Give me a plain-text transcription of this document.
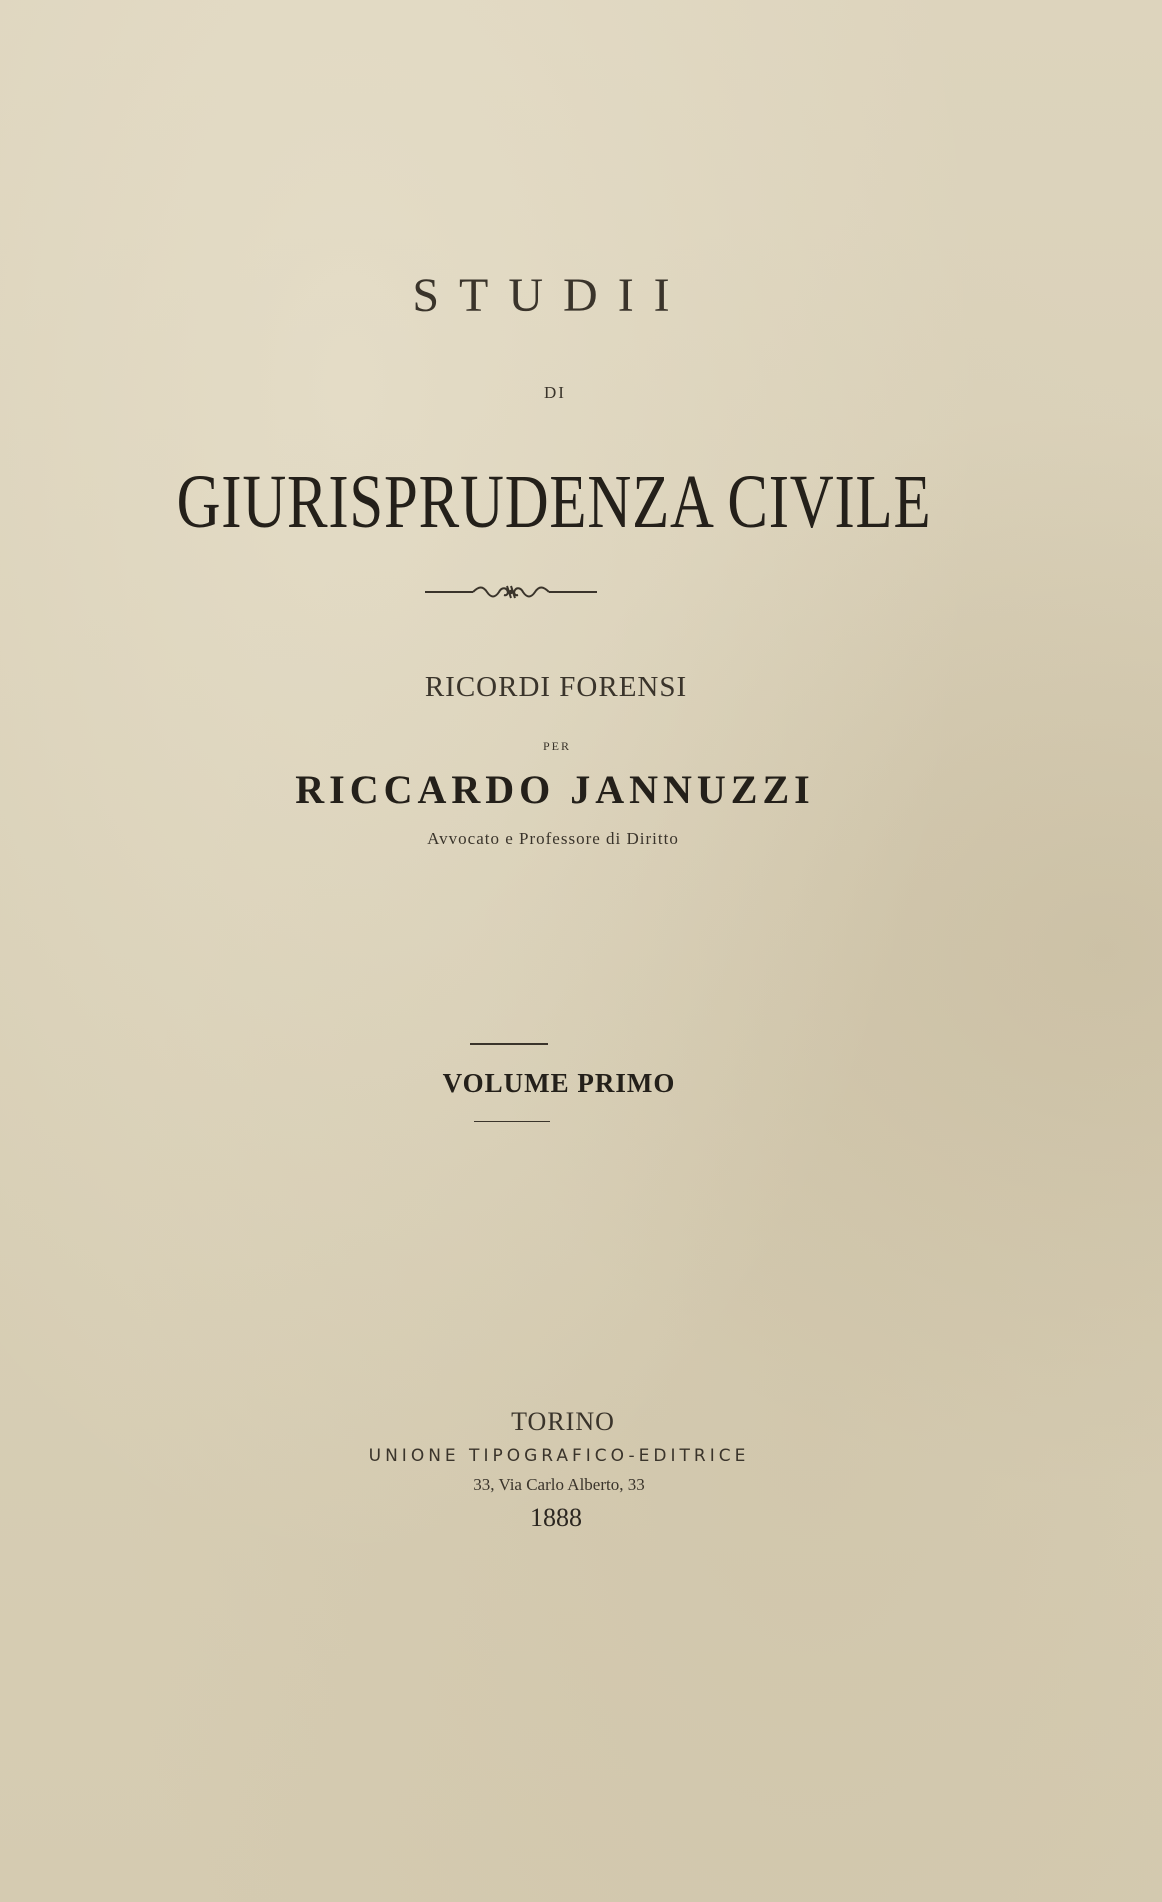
STUDII
DI
GIURISPRUDENZA CIVILE
RICORDI FORENSI
PER
RICCARDO JANNUZZI
Avvocato e Professore di Diritto
VOLUME PRIMO
TORINO
UNIONE TIPOGRAFICO-EDITRICE
33, Via Carlo Alberto, 33
1888
